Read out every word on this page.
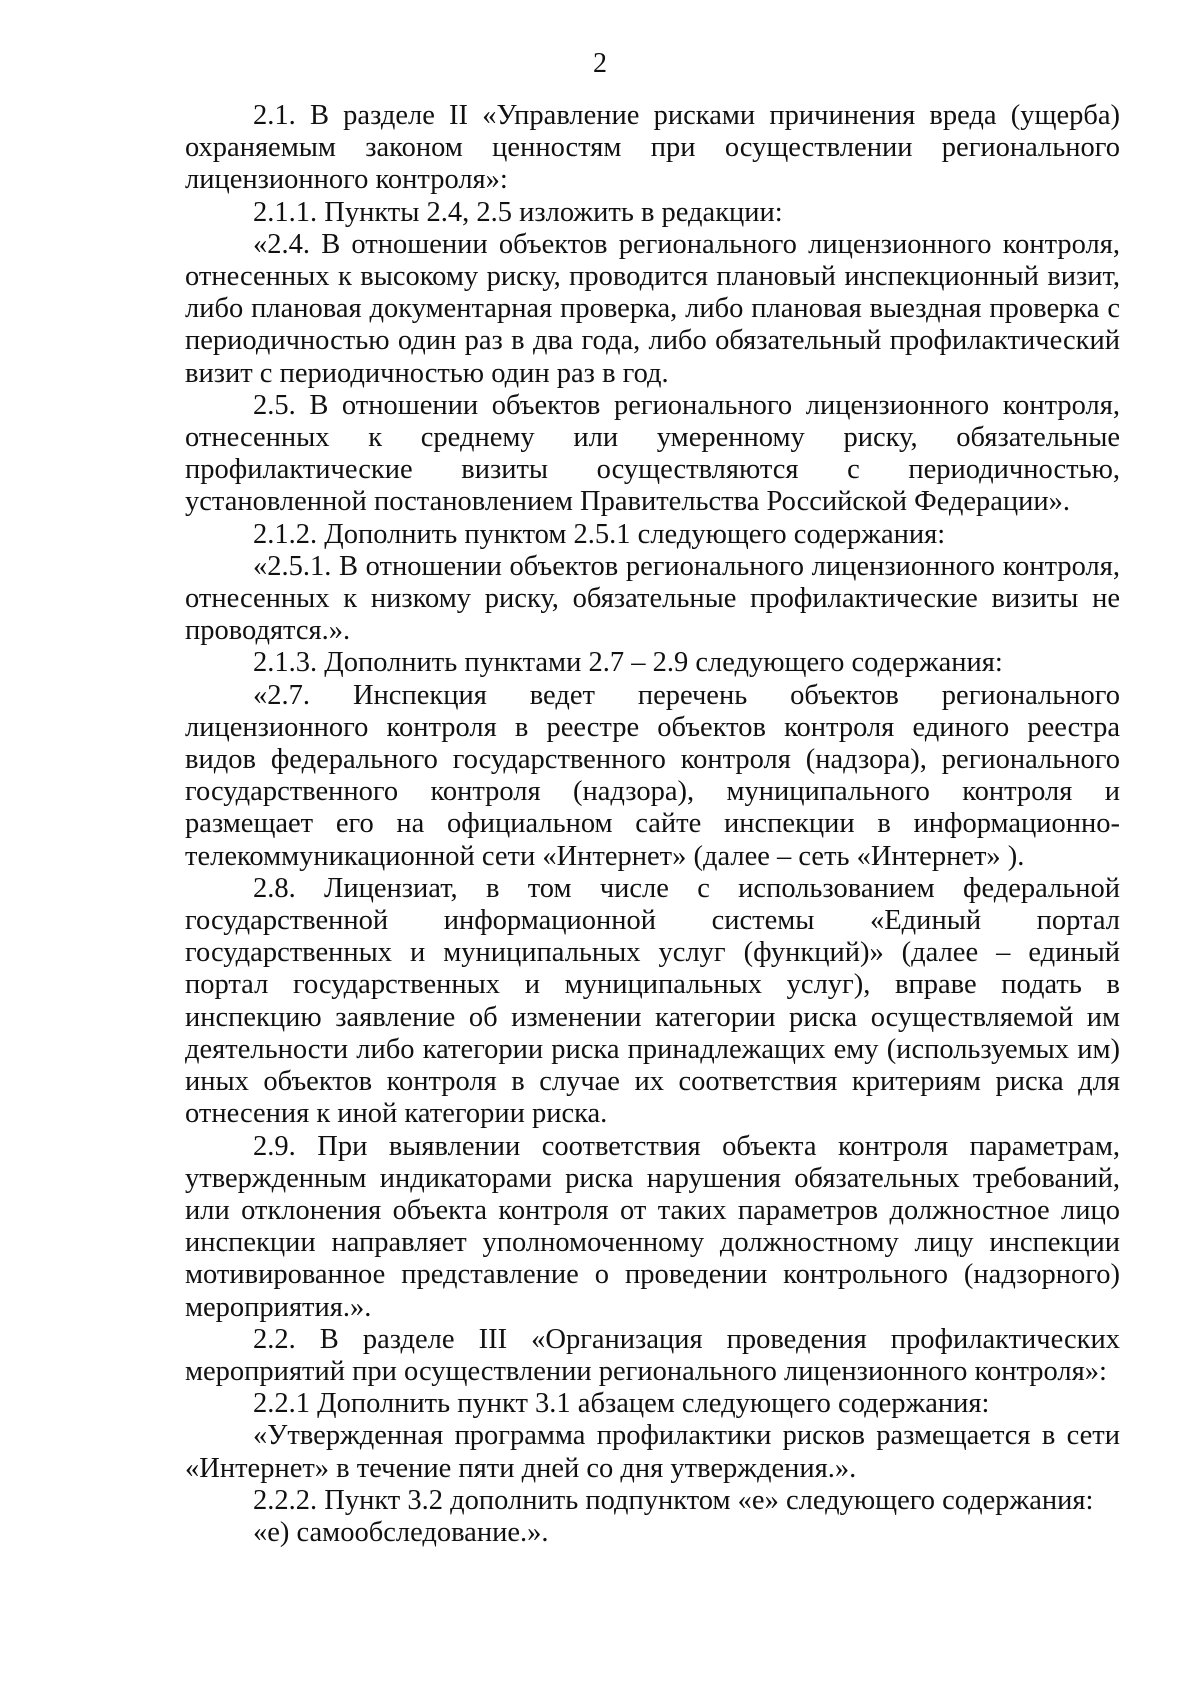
2

2.1. В разделе II «Управление рисками причинения вреда (ущерба) охраняемым законом ценностям при осуществлении регионального лицензионного контроля»:

2.1.1. Пункты 2.4, 2.5 изложить в редакции:

«2.4. В отношении объектов регионального лицензионного контроля, отнесенных к высокому риску, проводится плановый инспекционный визит, либо плановая документарная проверка, либо плановая выездная проверка с периодичностью один раз в два года, либо обязательный профилактический визит с периодичностью один раз в год.

2.5. В отношении объектов регионального лицензионного контроля, отнесенных к среднему или умеренному риску, обязательные профилактические визиты осуществляются с периодичностью, установленной постановлением Правительства Российской Федерации».

2.1.2. Дополнить пунктом 2.5.1 следующего содержания:

«2.5.1. В отношении объектов регионального лицензионного контроля, отнесенных к низкому риску, обязательные профилактические визиты не проводятся.».

2.1.3. Дополнить пунктами 2.7 – 2.9 следующего содержания:

«2.7. Инспекция ведет перечень объектов регионального лицензионного контроля в реестре объектов контроля единого реестра видов федерального государственного контроля (надзора), регионального государственного контроля (надзора), муниципального контроля и размещает его на официальном сайте инспекции в информационно-телекоммуникационной сети «Интернет» (далее – сеть «Интернет» ).

2.8. Лицензиат, в том числе с использованием федеральной государственной информационной системы «Единый портал государственных и муниципальных услуг (функций)» (далее – единый портал государственных и муниципальных услуг), вправе подать в инспекцию заявление об изменении категории риска осуществляемой им деятельности либо категории риска принадлежащих ему (используемых им) иных объектов контроля в случае их соответствия критериям риска для отнесения к иной категории риска.

2.9. При выявлении соответствия объекта контроля параметрам, утвержденным индикаторами риска нарушения обязательных требований, или отклонения объекта контроля от таких параметров должностное лицо инспекции направляет уполномоченному должностному лицу инспекции мотивированное представление о проведении контрольного (надзорного) мероприятия.».

2.2. В разделе III «Организация проведения профилактических мероприятий при осуществлении регионального лицензионного контроля»:

2.2.1 Дополнить пункт 3.1 абзацем следующего содержания:

«Утвержденная программа профилактики рисков размещается в сети «Интернет» в течение пяти дней со дня утверждения.».

2.2.2. Пункт 3.2 дополнить подпунктом «е» следующего содержания:

«е) самообследование.».
